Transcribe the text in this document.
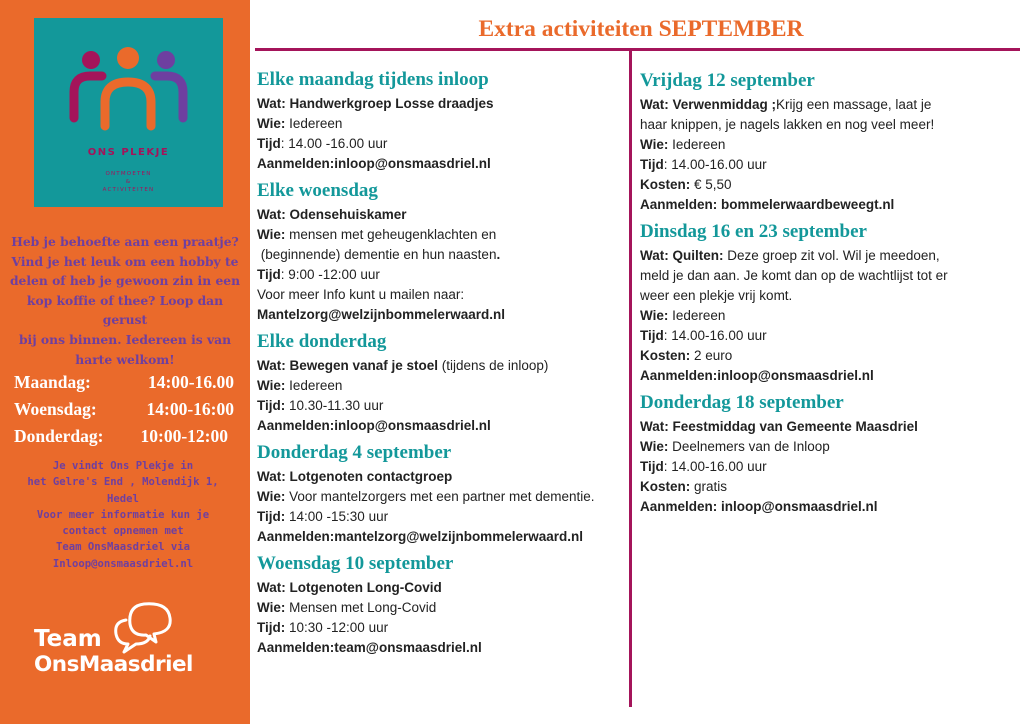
ONS PLEKJE
ONTMOETEN
&
ACTIVITEITEN
Heb je behoefte aan een praatje?
Vind je het leuk om een hobby te
delen of heb je gewoon zin in een
kop koffie of thee? Loop dan gerust
bij ons binnen. Iedereen is van
harte welkom!
Maandag:	14:00-16.00
Woensdag:	14:00-16:00
Donderdag: 10:00-12:00
Je vindt Ons Plekje in
het Gelre's End , Molendijk 1,
Hedel
Voor meer informatie kun je
contact opnemen met
Team OnsMaasdriel via
Inloop@onsmaasdriel.nl
Team
OnsMaasdriel
Extra activiteiten SEPTEMBER
Elke maandag tijdens inloop
Wat: Handwerkgroep Losse draadjes
Wie: Iedereen
Tijd: 14.00 -16.00 uur
Aanmelden:inloop@onsmaasdriel.nl
Elke woensdag
Wat: Odensehuiskamer
Wie: mensen met geheugenklachten en
(beginnende) dementie en hun naasten.
Tijd: 9:00 -12:00 uur
Voor meer Info kunt u mailen naar:
Mantelzorg@welzijnbommelerwaard.nl
Elke donderdag
Wat: Bewegen vanaf je stoel (tijdens de inloop)
Wie: Iedereen
Tijd: 10.30-11.30 uur
Aanmelden:inloop@onsmaasdriel.nl
Donderdag 4 september
Wat: Lotgenoten contactgroep
Wie: Voor mantelzorgers met een partner met dementie.
Tijd: 14:00 -15:30 uur
Aanmelden:mantelzorg@welzijnbommelerwaard.nl
Woensdag 10 september
Wat: Lotgenoten Long-Covid
Wie: Mensen met Long-Covid
Tijd: 10:30 -12:00 uur
Aanmelden:team@onsmaasdriel.nl
Vrijdag 12 september
Wat: Verwenmiddag ;Krijg een massage, laat je
haar knippen, je nagels lakken en nog veel meer!
Wie: Iedereen
Tijd: 14.00-16.00 uur
Kosten: € 5,50
Aanmelden: bommelerwaardbeweegt.nl
Dinsdag 16 en 23 september
Wat: Quilten: Deze groep zit vol. Wil je meedoen,
meld je dan aan. Je komt dan op de wachtlijst tot er
weer een plekje vrij komt.
Wie: Iedereen
Tijd: 14.00-16.00 uur
Kosten: 2 euro
Aanmelden:inloop@onsmaasdriel.nl
Donderdag 18 september
Wat: Feestmiddag van Gemeente Maasdriel
Wie: Deelnemers van de Inloop
Tijd: 14.00-16.00 uur
Kosten: gratis
Aanmelden: inloop@onsmaasdriel.nl
